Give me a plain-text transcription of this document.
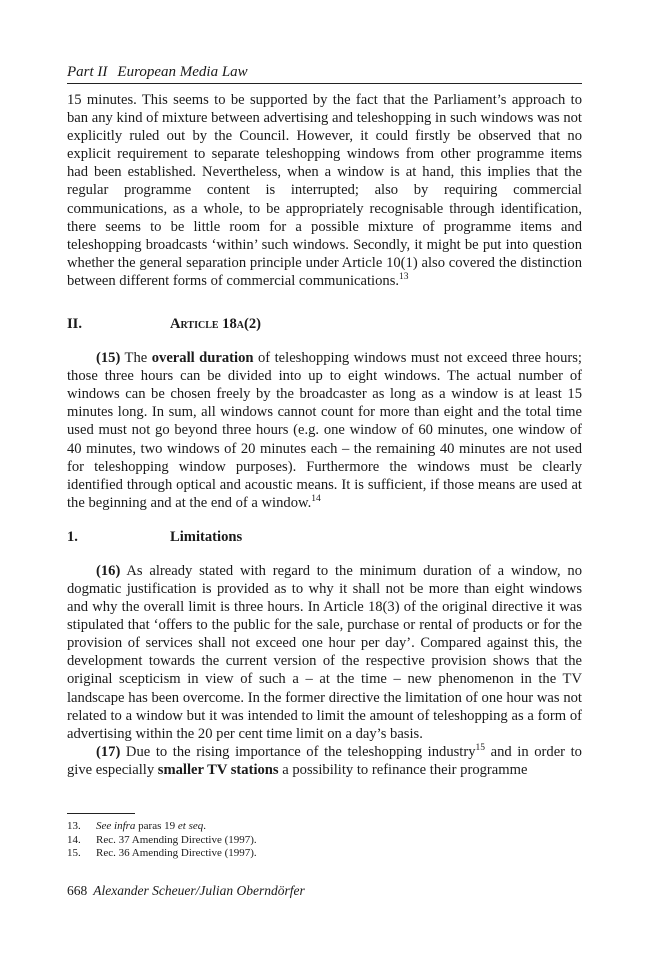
Part II European Media Law

15 minutes. This seems to be supported by the fact that the Parliament’s approach to ban any kind of mixture between advertising and teleshopping in such windows was not explicitly ruled out by the Council. However, it could firstly be observed that no explicit requirement to separate teleshopping windows from other programme items had been established. Nevertheless, when a window is at hand, this implies that the regular programme content is interrupted; also by requiring commercial communications, as a whole, to be appropriately recognisable through identification, there seems to be little room for a possible mixture of programme items and teleshopping broadcasts ‘within’ such windows. Secondly, it might be put into question whether the general separation principle under Article 10(1) also covered the distinction between different forms of commercial communications.$^{13}$

II.	Article 18a(2)

(15) The overall duration of teleshopping windows must not exceed three hours; those three hours can be divided into up to eight windows. The actual number of windows can be chosen freely by the broadcaster as long as a window is at least 15 minutes long. In sum, all windows cannot count for more than eight and the total time used must not go beyond three hours (e.g. one window of 60 minutes, one window of 40 minutes, two windows of 20 minutes each – the remaining 40 minutes are not used for teleshopping window purposes). Furthermore the windows must be clearly identified through optical and acoustic means. It is sufficient, if those means are used at the beginning and at the end of a window.$^{14}$

1.	Limitations

(16) As already stated with regard to the minimum duration of a window, no dogmatic justification is provided as to why it shall not be more than eight windows and why the overall limit is three hours. In Article 18(3) of the original directive it was stipulated that ‘offers to the public for the sale, purchase or rental of products or for the provision of services shall not exceed one hour per day’. Compared against this, the development towards the current version of the respective provision shows that the original scepticism in view of such a – at the time – new phenomenon in the TV landscape has been overcome. In the former directive the limitation of one hour was not related to a window but it was intended to limit the amount of teleshopping as a form of advertising within the 20 per cent time limit on a day’s basis.

(17) Due to the rising importance of the teleshopping industry$^{15}$ and in order to give especially smaller TV stations a possibility to refinance their programme

13.	See infra paras 19 et seq.
14.	Rec. 37 Amending Directive (1997).
15.	Rec. 36 Amending Directive (1997).
668 Alexander Scheuer/Julian Oberndörfer
